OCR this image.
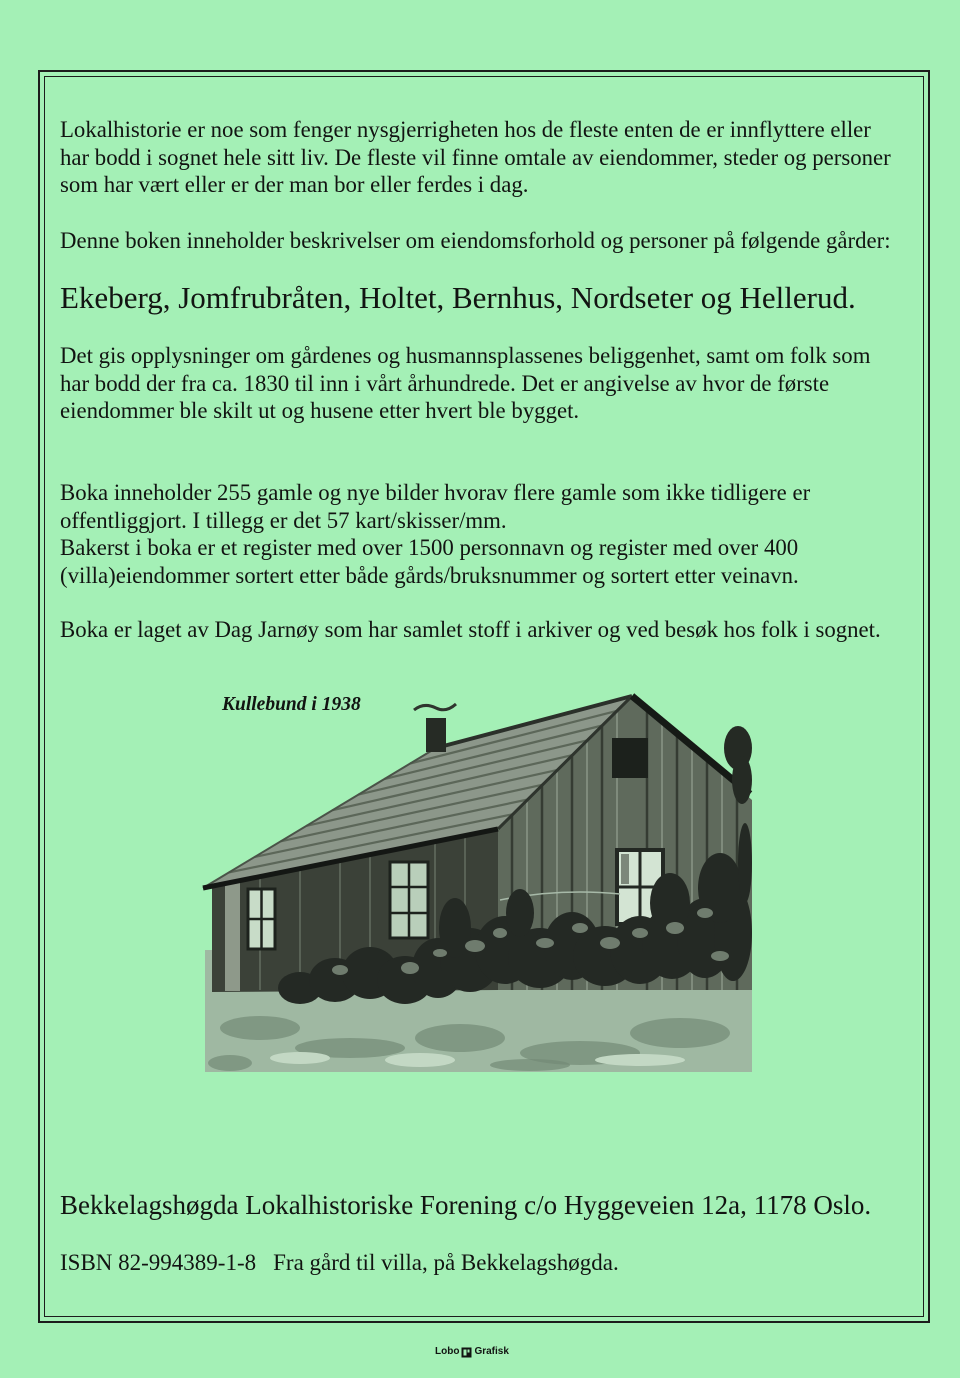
Lokalhistorie er noe som fenger nysgjerrigheten hos de fleste enten de er innflyttere eller
har bodd i sognet hele sitt liv. De fleste vil finne omtale av eiendommer, steder og personer
som har vært eller er der man bor eller ferdes i dag.
Denne boken inneholder beskrivelser om eiendomsforhold og personer på følgende gårder:
Ekeberg, Jomfrubråten, Holtet, Bernhus, Nordseter og Hellerud.
Det gis opplysninger om gårdenes og husmannsplassenes beliggenhet, samt om folk som
har bodd der fra ca. 1830 til inn i vårt århundrede. Det er angivelse av hvor de første
eiendommer ble skilt ut og husene etter hvert ble bygget.
Boka inneholder 255 gamle og nye bilder hvorav flere gamle som ikke tidligere er
offentliggjort. I tillegg er det 57 kart/skisser/mm.
Bakerst i boka er et register med over 1500 personnavn og register med over 400
(villa)eiendommer sortert etter både gårds/bruksnummer og sortert etter veinavn.
Boka er laget av Dag Jarnøy som har samlet stoff i arkiver og ved besøk hos folk i sognet.
Kullebund i 1938
Bekkelagshøgda Lokalhistoriske Forening c/o Hyggeveien 12a, 1178 Oslo.
ISBN 82-994389-1-8 Fra gård til villa, på Bekkelagshøgda.
Lobo Grafisk
